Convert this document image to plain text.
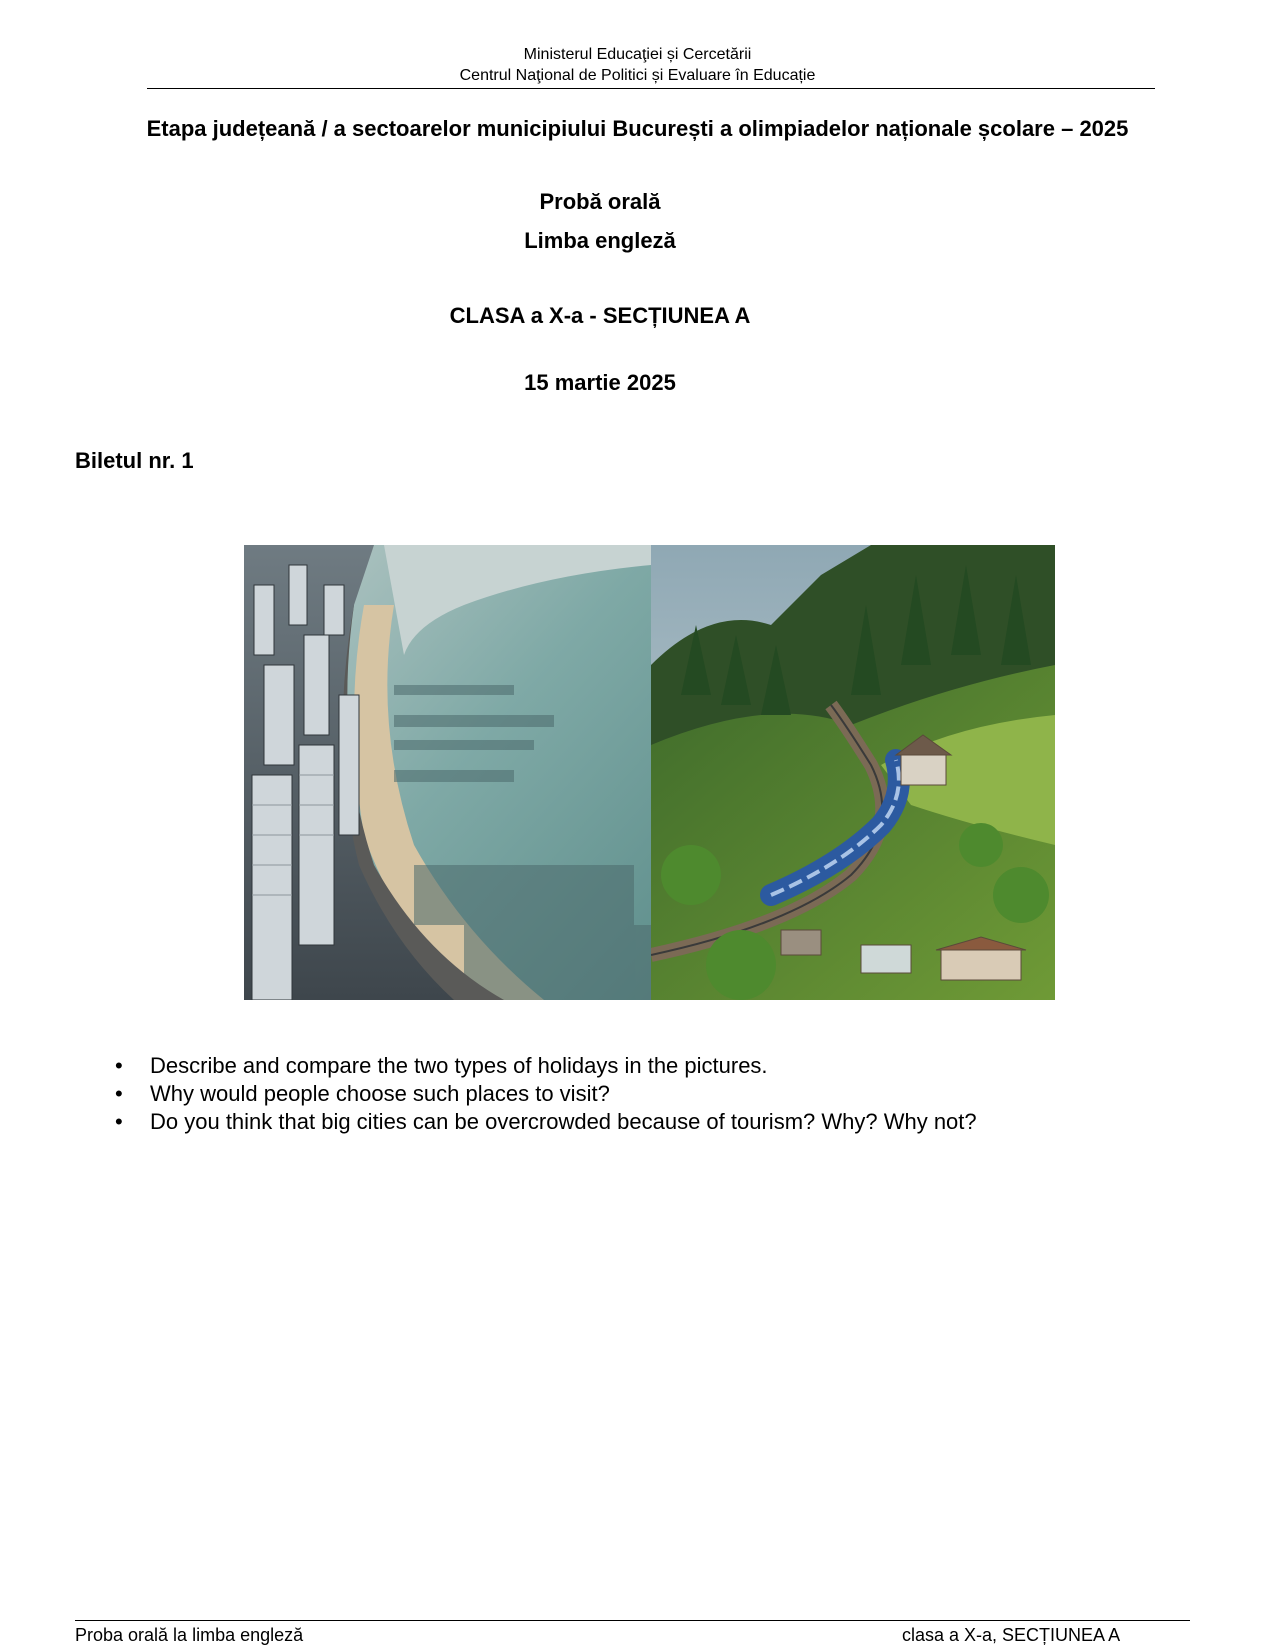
Ministerul Educaţiei și Cercetării
Centrul Naţional de Politici și Evaluare în Educație
Etapa județeană / a sectoarelor municipiului București a olimpiadelor naționale școlare – 2025
Probă orală
Limba engleză
CLASA a X-a - SECȚIUNEA A
15 martie 2025
Biletul nr. 1
• Describe and compare the two types of holidays in the pictures.
• Why would people choose such places to visit?
• Do you think that big cities can be overcrowded because of tourism? Why? Why not?
Proba orală la limba engleză	clasa a X-a, SECȚIUNEA A
